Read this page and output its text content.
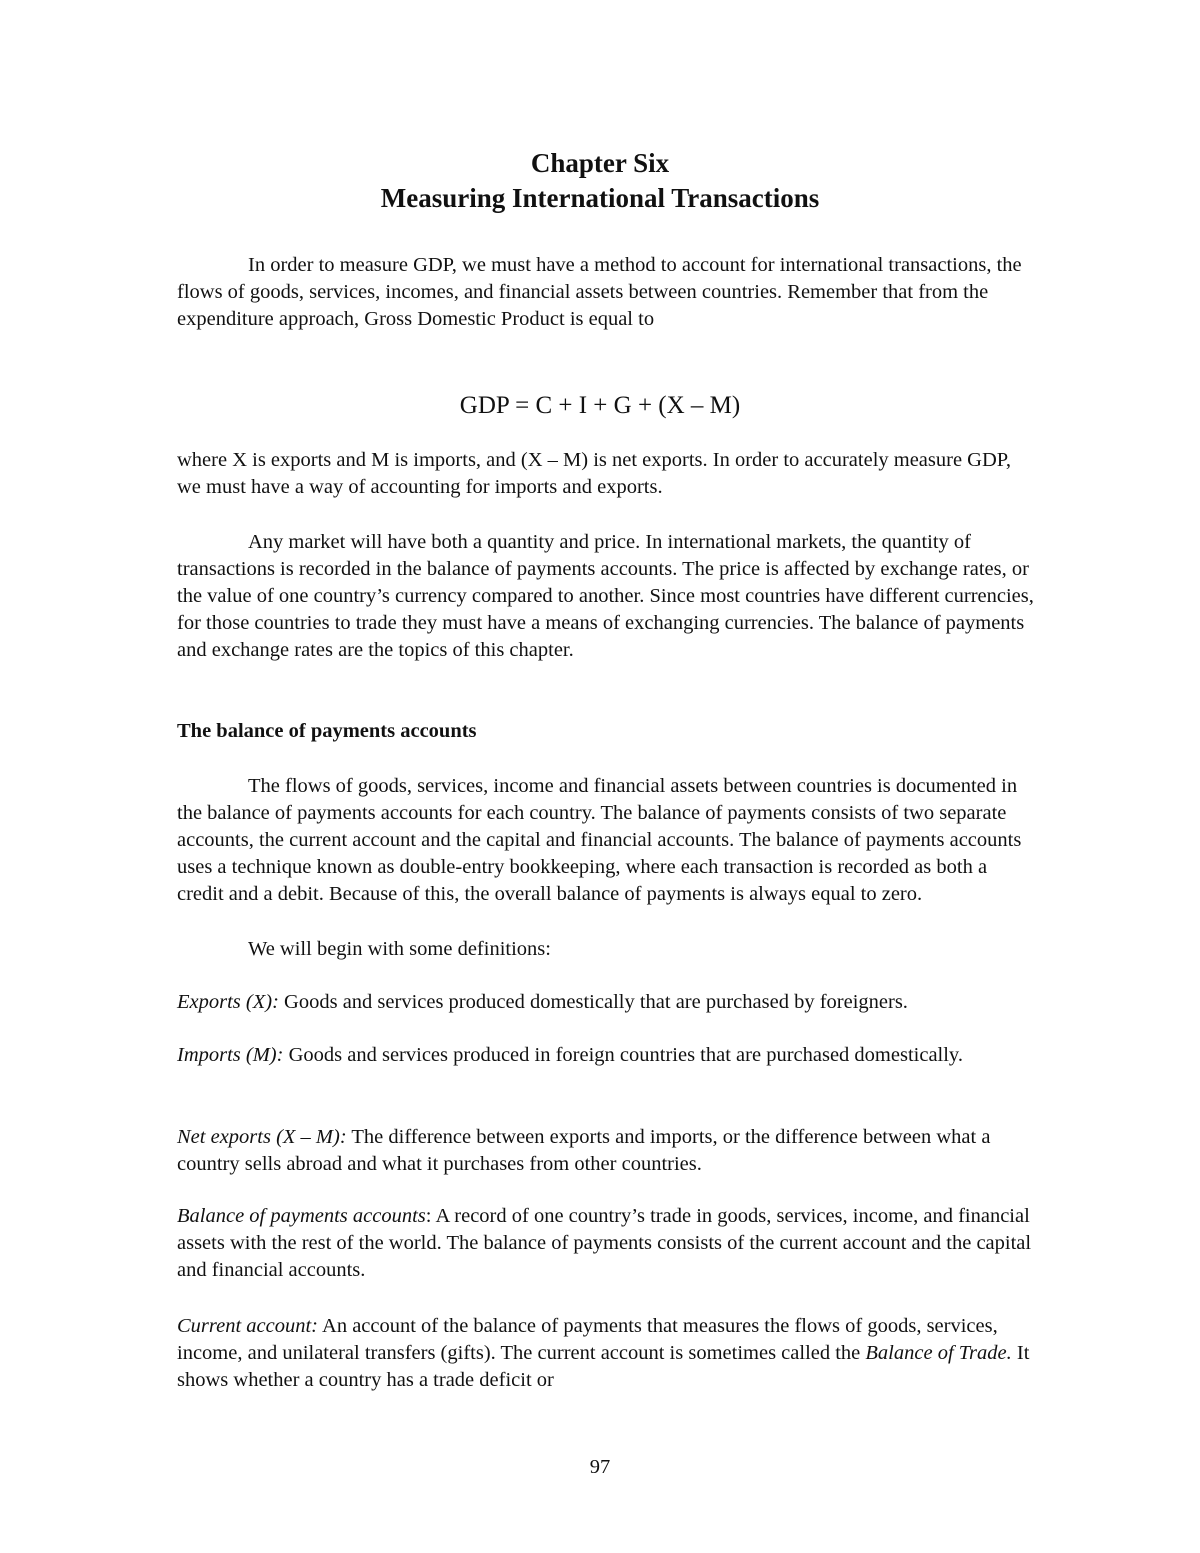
Chapter Six
Measuring International Transactions
In order to measure GDP, we must have a method to account for international transactions, the flows of goods, services, incomes, and financial assets between countries. Remember that from the expenditure approach, Gross Domestic Product is equal to
GDP = C + I + G + (X – M)
where X is exports and M is imports, and (X – M) is net exports. In order to accurately measure GDP, we must have a way of accounting for imports and exports.
Any market will have both a quantity and price. In international markets, the quantity of transactions is recorded in the balance of payments accounts. The price is affected by exchange rates, or the value of one country’s currency compared to another. Since most countries have different currencies, for those countries to trade they must have a means of exchanging currencies. The balance of payments and exchange rates are the topics of this chapter.
The balance of payments accounts
The flows of goods, services, income and financial assets between countries is documented in the balance of payments accounts for each country. The balance of payments consists of two separate accounts, the current account and the capital and financial accounts. The balance of payments accounts uses a technique known as double-entry bookkeeping, where each transaction is recorded as both a credit and a debit. Because of this, the overall balance of payments is always equal to zero.
We will begin with some definitions:
Exports (X): Goods and services produced domestically that are purchased by foreigners.
Imports (M): Goods and services produced in foreign countries that are purchased domestically.
Net exports (X – M): The difference between exports and imports, or the difference between what a country sells abroad and what it purchases from other countries.
Balance of payments accounts: A record of one country’s trade in goods, services, income, and financial assets with the rest of the world. The balance of payments consists of the current account and the capital and financial accounts.
Current account: An account of the balance of payments that measures the flows of goods, services, income, and unilateral transfers (gifts). The current account is sometimes called the Balance of Trade. It shows whether a country has a trade deficit or
97
